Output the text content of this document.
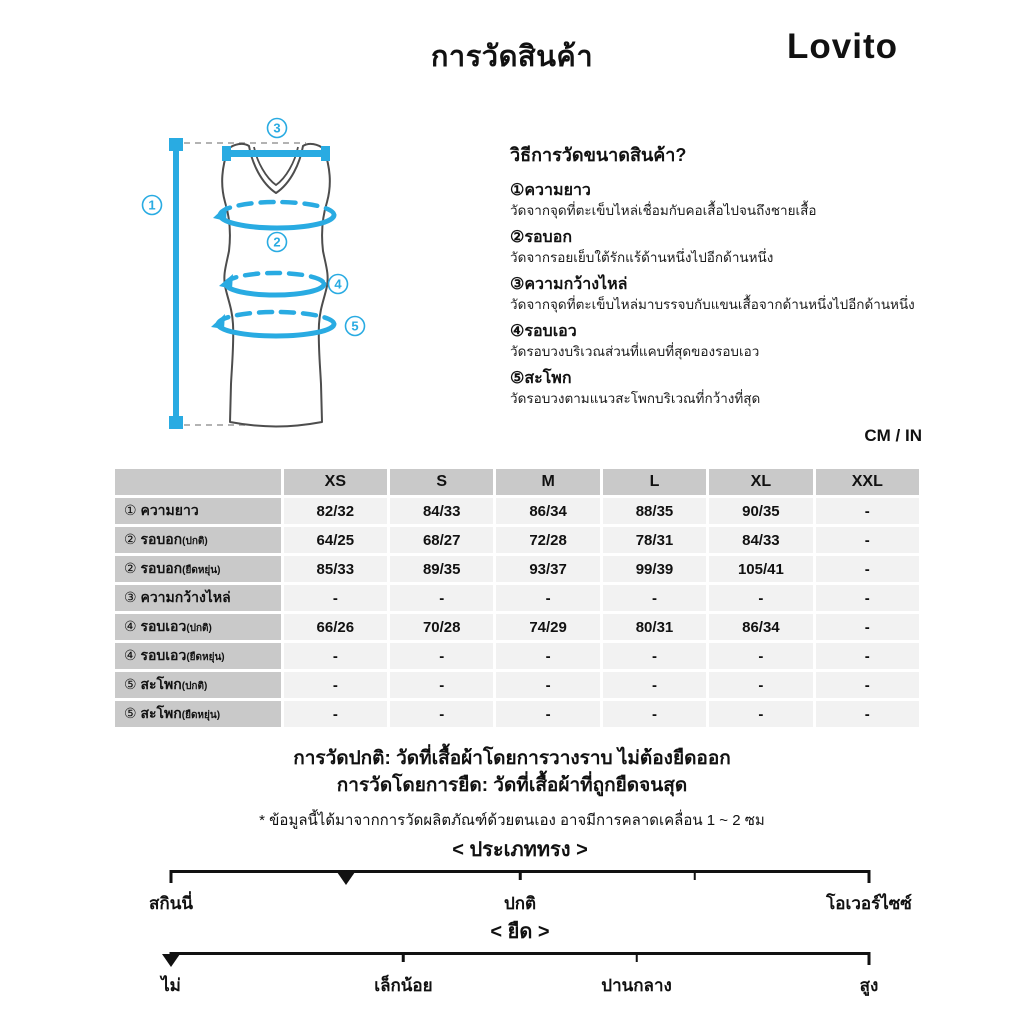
การวัดสินค้า	Lovito
1
2
3
4
5
วิธีการวัดขนาดสินค้า?
①ความยาว
วัดจากจุดที่ตะเข็บไหล่เชื่อมกับคอเสื้อไปจนถึงชายเสื้อ
②รอบอก
วัดจากรอยเย็บใต้รักแร้ด้านหนึ่งไปอีกด้านหนึ่ง
③ความกว้างไหล่
วัดจากจุดที่ตะเข็บไหล่มาบรรจบกับแขนเสื้อจากด้านหนึ่งไปอีกด้านหนึ่ง
④รอบเอว
วัดรอบวงบริเวณส่วนที่แคบที่สุดของรอบเอว
⑤สะโพก
วัดรอบวงตามแนวสะโพกบริเวณที่กว้างที่สุด
CM / IN
	XS	S	M	L	XL	XXL
① ความยาว	82/32	84/33	86/34	88/35	90/35	-
② รอบอก(ปกติ)	64/25	68/27	72/28	78/31	84/33	-
② รอบอก(ยืดหยุ่น)	85/33	89/35	93/37	99/39	105/41	-
③ ความกว้างไหล่	-	-	-	-	-	-
④ รอบเอว(ปกติ)	66/26	70/28	74/29	80/31	86/34	-
④ รอบเอว(ยืดหยุ่น)	-	-	-	-	-	-
⑤ สะโพก(ปกติ)	-	-	-	-	-	-
⑤ สะโพก(ยืดหยุ่น)	-	-	-	-	-	-
การวัดปกติ: วัดที่เสื้อผ้าโดยการวางราบ ไม่ต้องยืดออก
การวัดโดยการยืด: วัดที่เสื้อผ้าที่ถูกยืดจนสุด
* ข้อมูลนี้ได้มาจากการวัดผลิตภัณฑ์ด้วยตนเอง อาจมีการคลาดเคลื่อน 1 ~ 2 ซม
< ประเภททรง >
สกินนี่	ปกติ	โอเวอร์ไซซ์
< ยืด >
ไม่	เล็กน้อย	ปานกลาง	สูง
